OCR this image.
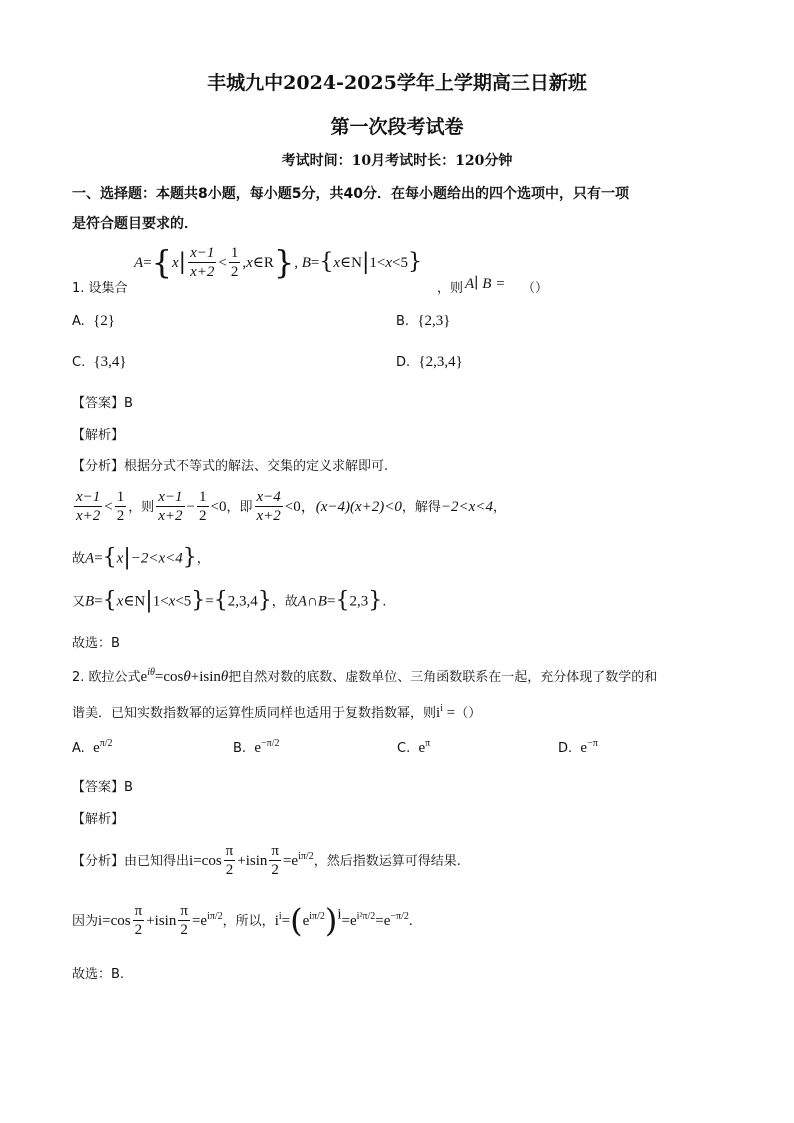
丰城九中2024-2025学年上学期高三日新班
第一次段考试卷
考试时间：10月考试时长：120分钟
一、选择题：本题共8小题，每小题5分，共40分．在每小题给出的四个选项中，只有一项
是符合题目要求的．
1. 设集合
$A=\{x| \frac{x-1}{x+2} < \frac{1}{2}$ ,x∈R}, B={x∈N|1<x<5}
，则 A∣ B = （）
A.  {2}	B.  {2,3}
C.  {3,4}	D.  {2,3,4}
【答案】B
【解析】
【分析】根据分式不等式的解法、交集的定义求解即可.
$\frac{x-1}{x+2} < \frac{1}{2}$ ，则 $\frac{x-1}{x+2} - \frac{1}{2} <0$，即 $\frac{x-4}{x+2} <0$，(x−4)(x+2)<0，解得−2<x<4，
故A={x|−2<x<4}，
又B={x∈N|1<x<5}={2,3,4}，故A∩B={2,3}.
故选：B
2. 欧拉公式$e^{i\theta}=\cos\theta+isin\theta$把自然对数的底数、虚数单位、三角函数联系在一起，充分体现了数学的和
谐美．已知实数指数幂的运算性质同样也适用于复数指数幂，则$i^i$ =（）
A. $e^{\pi/2}$	B. $e^{-\pi/2}$	C. $e^\pi$	D. $e^{-\pi}$
【答案】B
【解析】
【分析】由已知得出$i=\cos \frac{\pi}{2} +isin \frac{\pi}{2} =e^{i\pi/2}$，然后指数运算可得结果.
因为$i=\cos \frac{\pi}{2} +isin \frac{\pi}{2} =e^{i\pi/2}$，所以，$i^i=(e^{i\pi/2})^i=e^{i^2\pi/2}=e^{-\pi/2}$.
故选：B.
